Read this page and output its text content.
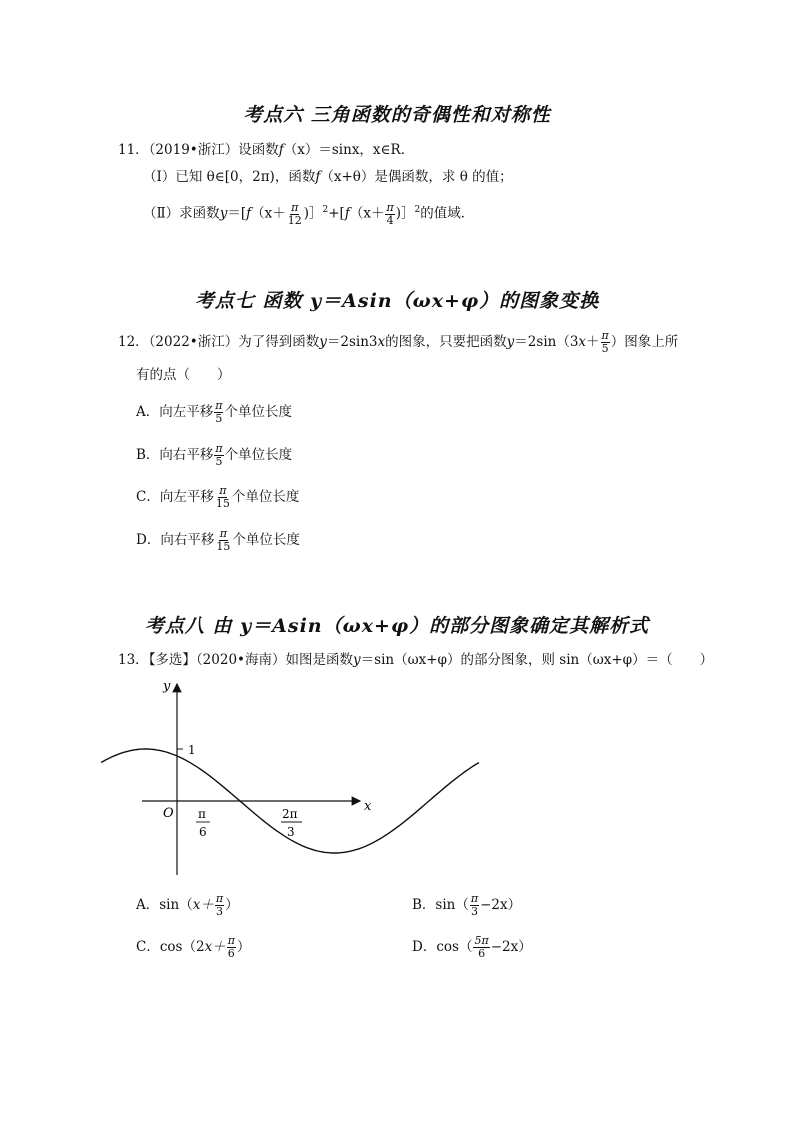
考点六 三角函数的奇偶性和对称性
11．（2019•浙江）设函数f（x）＝sinx，x∈R．
（Ⅰ）已知 θ∈[0，2π)，函数f（x+θ）是偶函数，求 θ 的值；
（Ⅱ）求函数$y=[f(x+ \frac{\pi}{12}$ )］$^2$+[f（x＋ $\frac{\pi}{4}$ )］$^2$的值域．
考点七 函数 y＝Asin（ωx+φ）的图象变换
12．（2022•浙江）为了得到函数y＝2sin3x的图象，只要把函数$y=2\sin(3x+ \frac{\pi}{5}$ ）图象上所
有的点（　　）
A．向左平移 $\frac{\pi}{5}$ 个单位长度
B．向右平移 $\frac{\pi}{5}$ 个单位长度
C．向左平移 $\frac{\pi}{15}$ 个单位长度
D．向右平移 $\frac{\pi}{15}$ 个单位长度
考点八 由 y＝Asin（ωx+φ）的部分图象确定其解析式
13．【多选】（2020•海南）如图是函数y＝sin（ωx+φ）的部分图象，则 sin（ωx+φ）＝（　　）
y
x
O
1
π
6
2π
3
A．$\sin(x+ \frac{\pi}{3}$ ）	B．$\sin( \frac{\pi}{3} -2x)$
C．$\cos(2x+ \frac{\pi}{6}$ ）	D．$\cos( \frac{5\pi}{6} -2x)$
